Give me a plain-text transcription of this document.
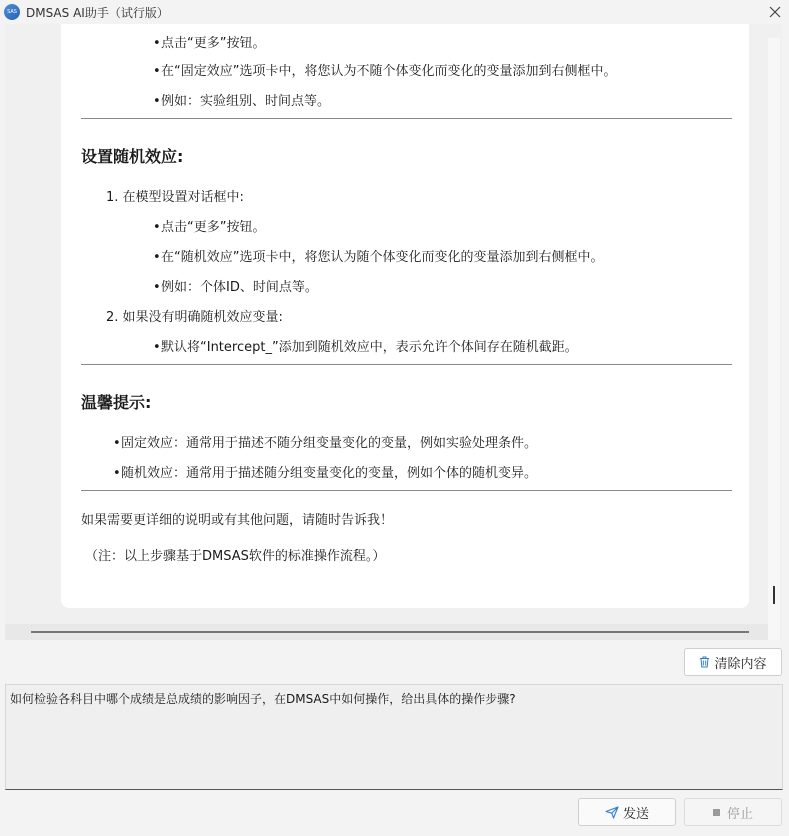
SAS DMSAS AI助手（试行版）
• 点击“更多”按钮。
• 在“固定效应”选项卡中，将您认为不随个体变化而变化的变量添加到右侧框中。
• 例如：实验组别、时间点等。
设置随机效应:
1. 在模型设置对话框中:
• 点击“更多”按钮。
• 在“随机效应”选项卡中，将您认为随个体变化而变化的变量添加到右侧框中。
• 例如：个体ID、时间点等。
2. 如果没有明确随机效应变量:
• 默认将“Intercept_”添加到随机效应中，表示允许个体间存在随机截距。
温馨提示:
• 固定效应：通常用于描述不随分组变量变化的变量，例如实验处理条件。
• 随机效应：通常用于描述随分组变量变化的变量，例如个体的随机变异。
如果需要更详细的说明或有其他问题，请随时告诉我！
（注：以上步骤基于DMSAS软件的标准操作流程。）
清除内容
如何检验各科目中哪个成绩是总成绩的影响因子，在DMSAS中如何操作，给出具体的操作步骤?
发送	停止
